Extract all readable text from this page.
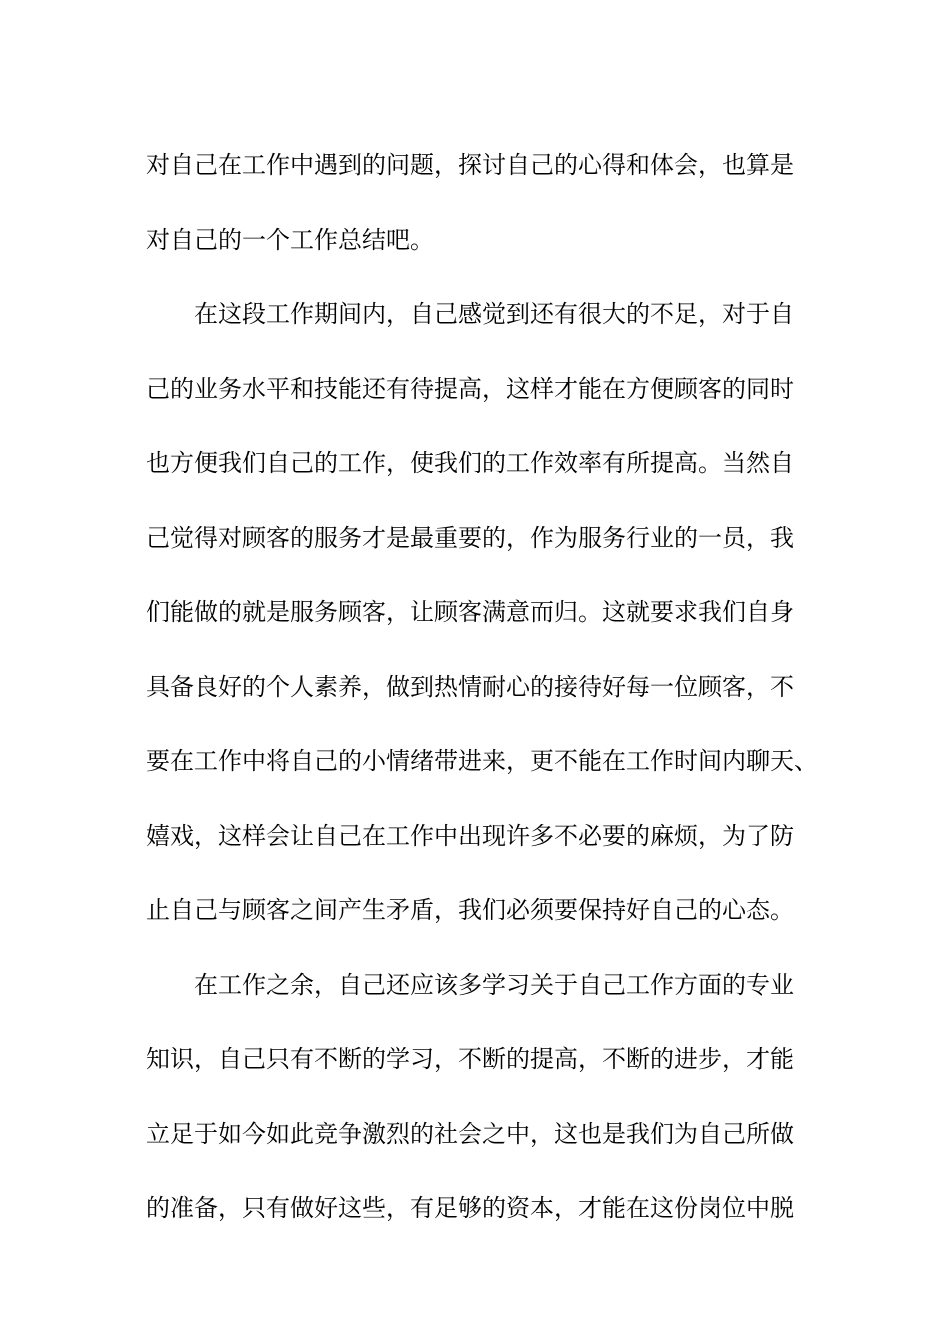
对自己在工作中遇到的问题，探讨自己的心得和体会，也算是
对自己的一个工作总结吧。
在这段工作期间内，自己感觉到还有很大的不足，对于自
己的业务水平和技能还有待提高，这样才能在方便顾客的同时
也方便我们自己的工作，使我们的工作效率有所提高。当然自
己觉得对顾客的服务才是最重要的，作为服务行业的一员，我
们能做的就是服务顾客，让顾客满意而归。这就要求我们自身
具备良好的个人素养，做到热情耐心的接待好每一位顾客，不
要在工作中将自己的小情绪带进来，更不能在工作时间内聊天、
嬉戏，这样会让自己在工作中出现许多不必要的麻烦，为了防
止自己与顾客之间产生矛盾，我们必须要保持好自己的心态。
在工作之余，自己还应该多学习关于自己工作方面的专业
知识，自己只有不断的学习，不断的提高，不断的进步，才能
立足于如今如此竞争激烈的社会之中，这也是我们为自己所做
的准备，只有做好这些，有足够的资本，才能在这份岗位中脱
